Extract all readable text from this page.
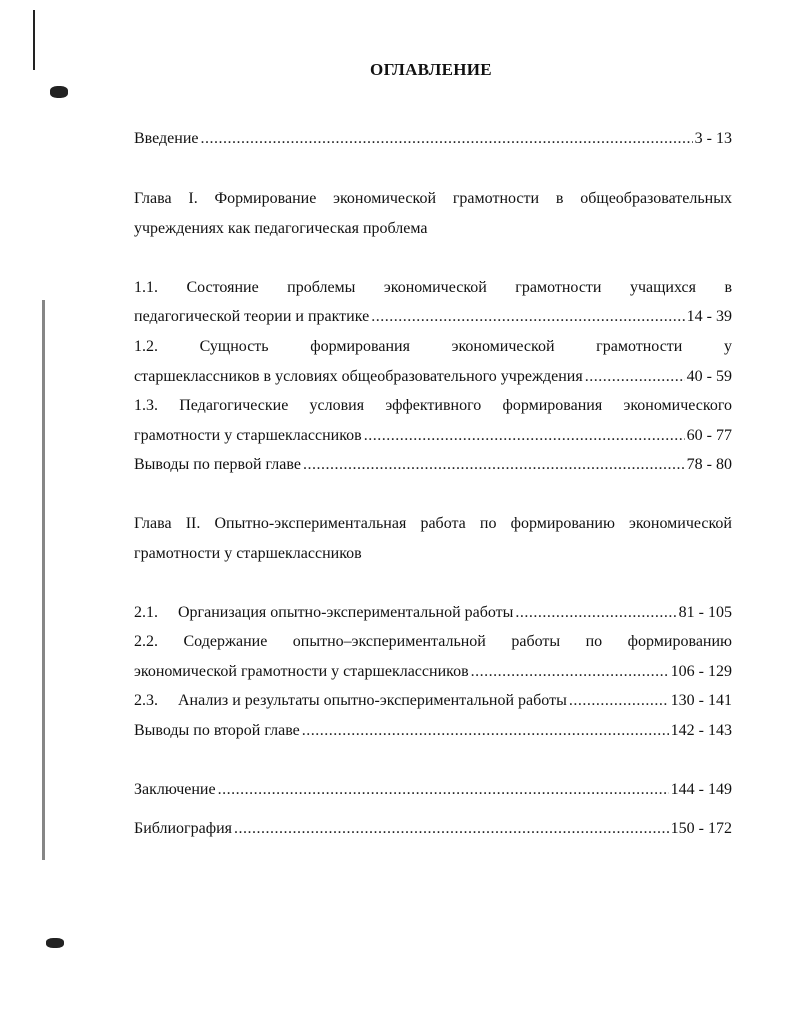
ОГЛАВЛЕНИЕ
Введение .....	3 - 13
Глава I. Формирование экономической грамотности в общеобразовательных
учреждениях как педагогическая проблема
1.1. Состояние проблемы экономической грамотности учащихся в
педагогической теории и практике .....	14 - 39
1.2.	Сущность формирования экономической грамотности у
старшеклассников в условиях общеобразовательного учреждения .....	40 - 59
1.3. Педагогические условия эффективного формирования экономического
грамотности у старшеклассников .....	60 - 77
Выводы по первой главе .....	78 - 80
Глава II. Опытно-экспериментальная работа по формированию экономической
грамотности у старшеклассников
2.1. Организация опытно-экспериментальной работы .....	81 - 105
2.2. Содержание опытно–экспериментальной работы по формированию
экономической грамотности у старшеклассников .....	106 - 129
2.3. Анализ и результаты опытно-экспериментальной работы .....	130 - 141
Выводы по второй главе .....	142 - 143
Заключение .....	144 - 149
Библиография .....	150 - 172
